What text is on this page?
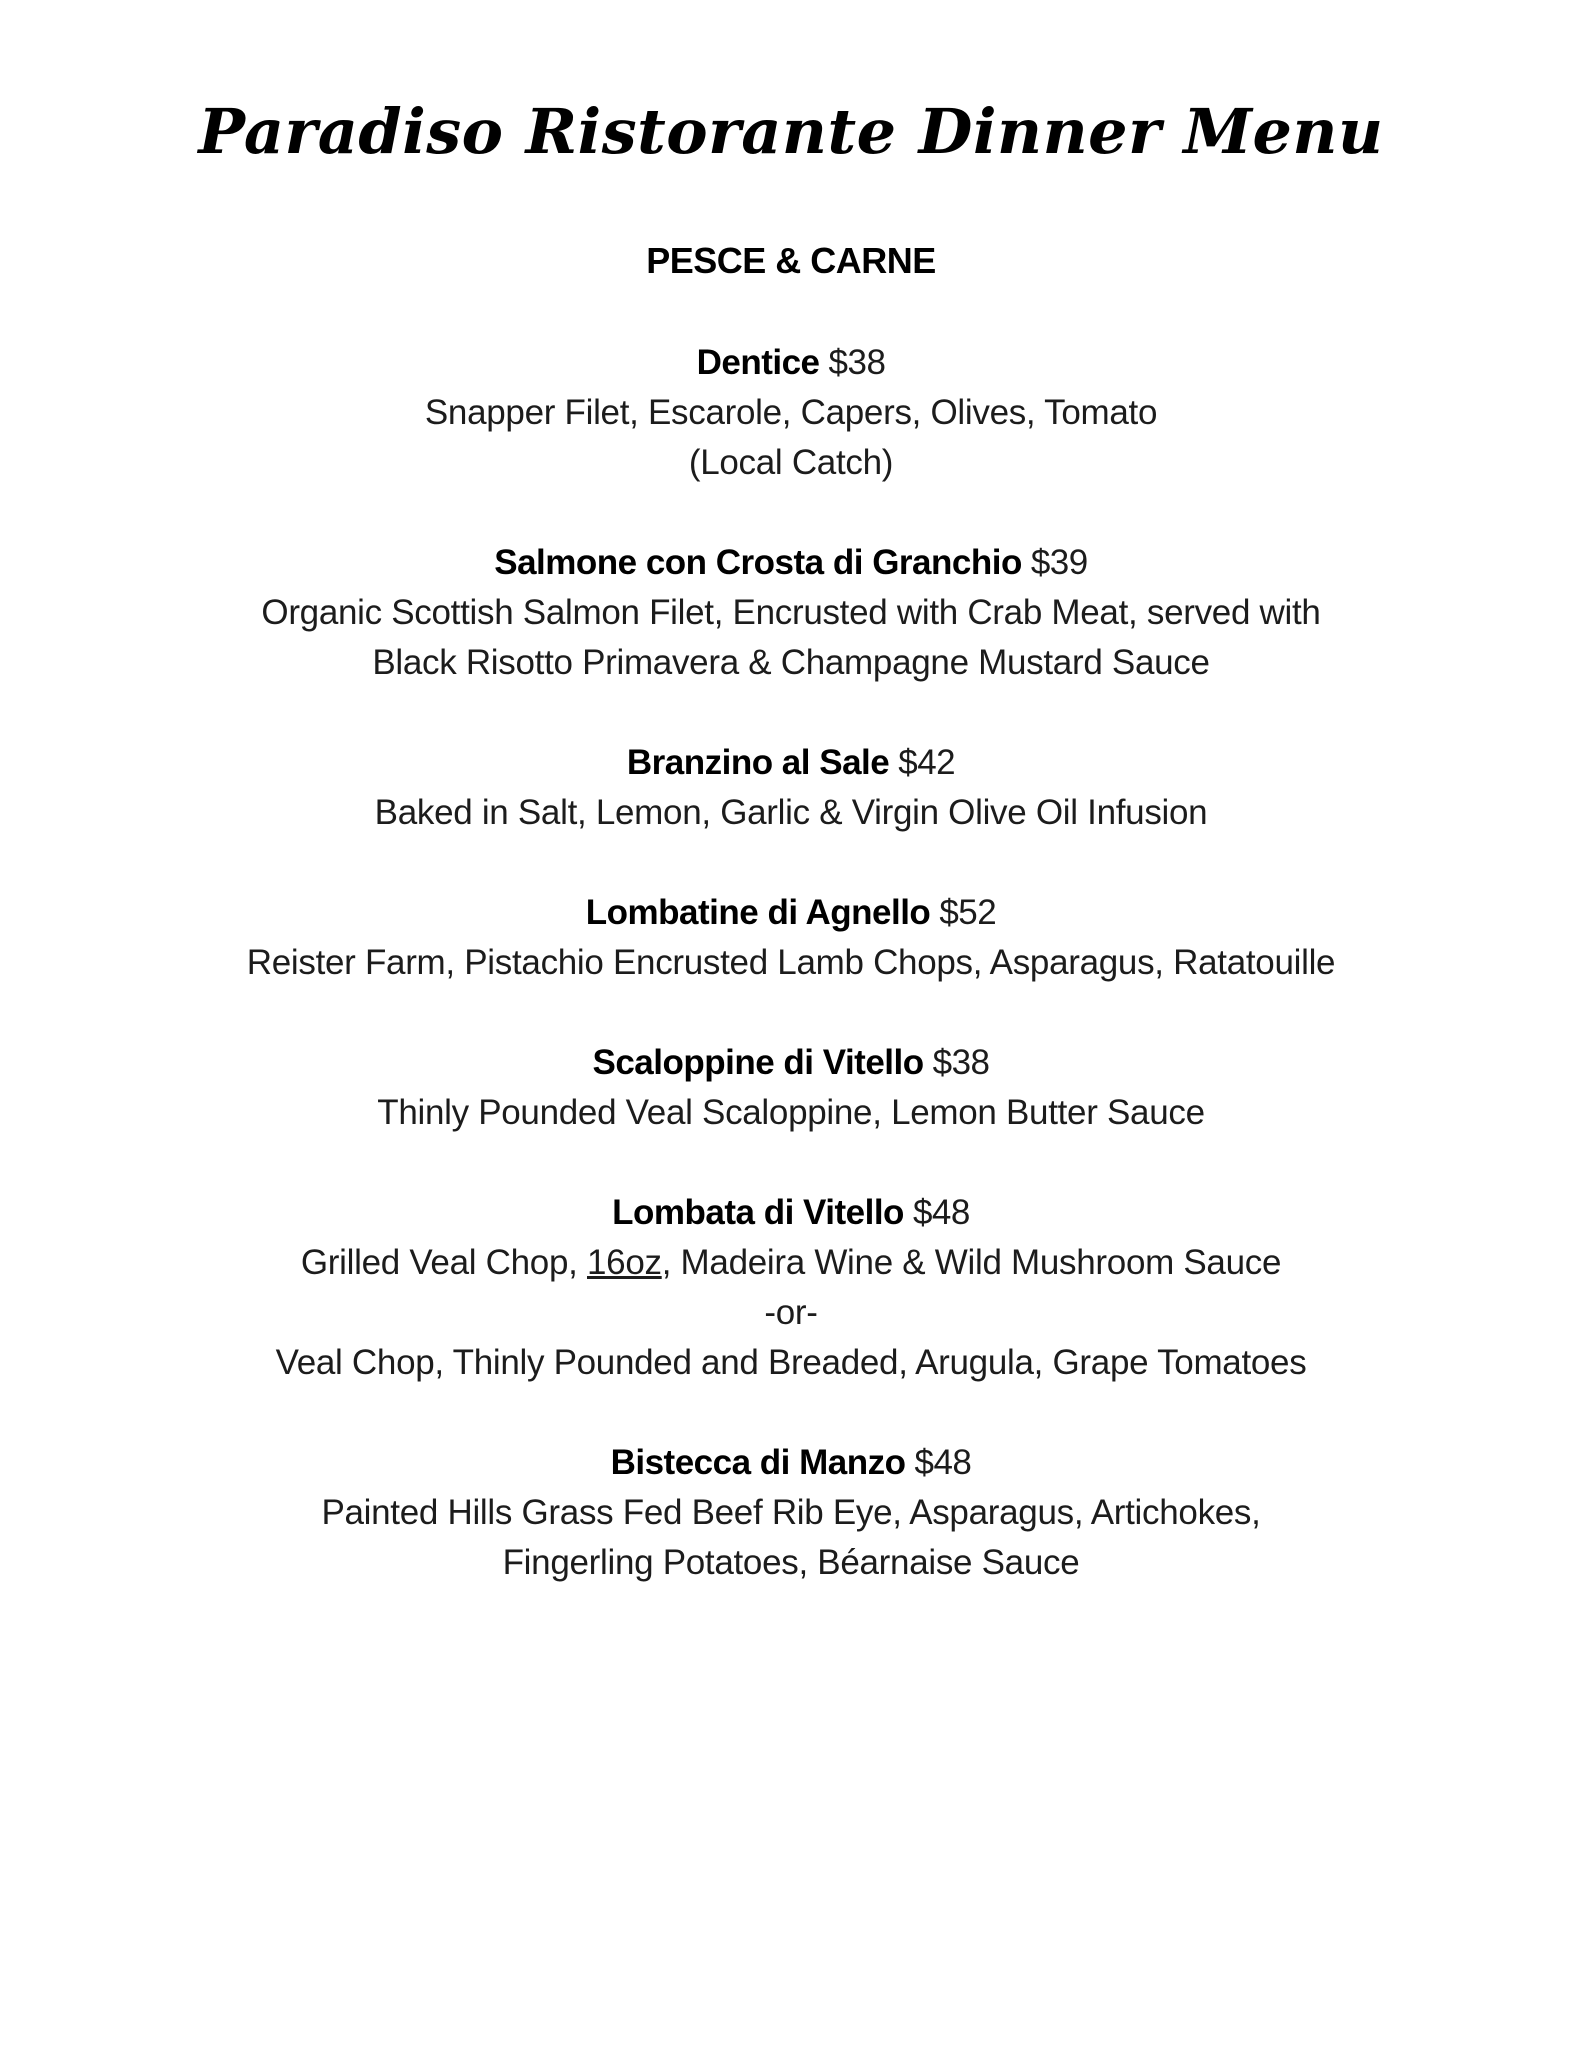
Paradiso Ristorante Dinner Menu
PESCE & CARNE
Dentice $38
Snapper Filet, Escarole, Capers, Olives, Tomato
(Local Catch)
Salmone con Crosta di Granchio $39
Organic Scottish Salmon Filet, Encrusted with Crab Meat, served with
Black Risotto Primavera & Champagne Mustard Sauce
Branzino al Sale $42
Baked in Salt, Lemon, Garlic & Virgin Olive Oil Infusion
Lombatine di Agnello $52
Reister Farm, Pistachio Encrusted Lamb Chops, Asparagus, Ratatouille
Scaloppine di Vitello $38
Thinly Pounded Veal Scaloppine, Lemon Butter Sauce
Lombata di Vitello $48
Grilled Veal Chop, 16oz, Madeira Wine & Wild Mushroom Sauce
-or-
Veal Chop, Thinly Pounded and Breaded, Arugula, Grape Tomatoes
Bistecca di Manzo $48
Painted Hills Grass Fed Beef Rib Eye, Asparagus, Artichokes,
Fingerling Potatoes, Béarnaise Sauce
